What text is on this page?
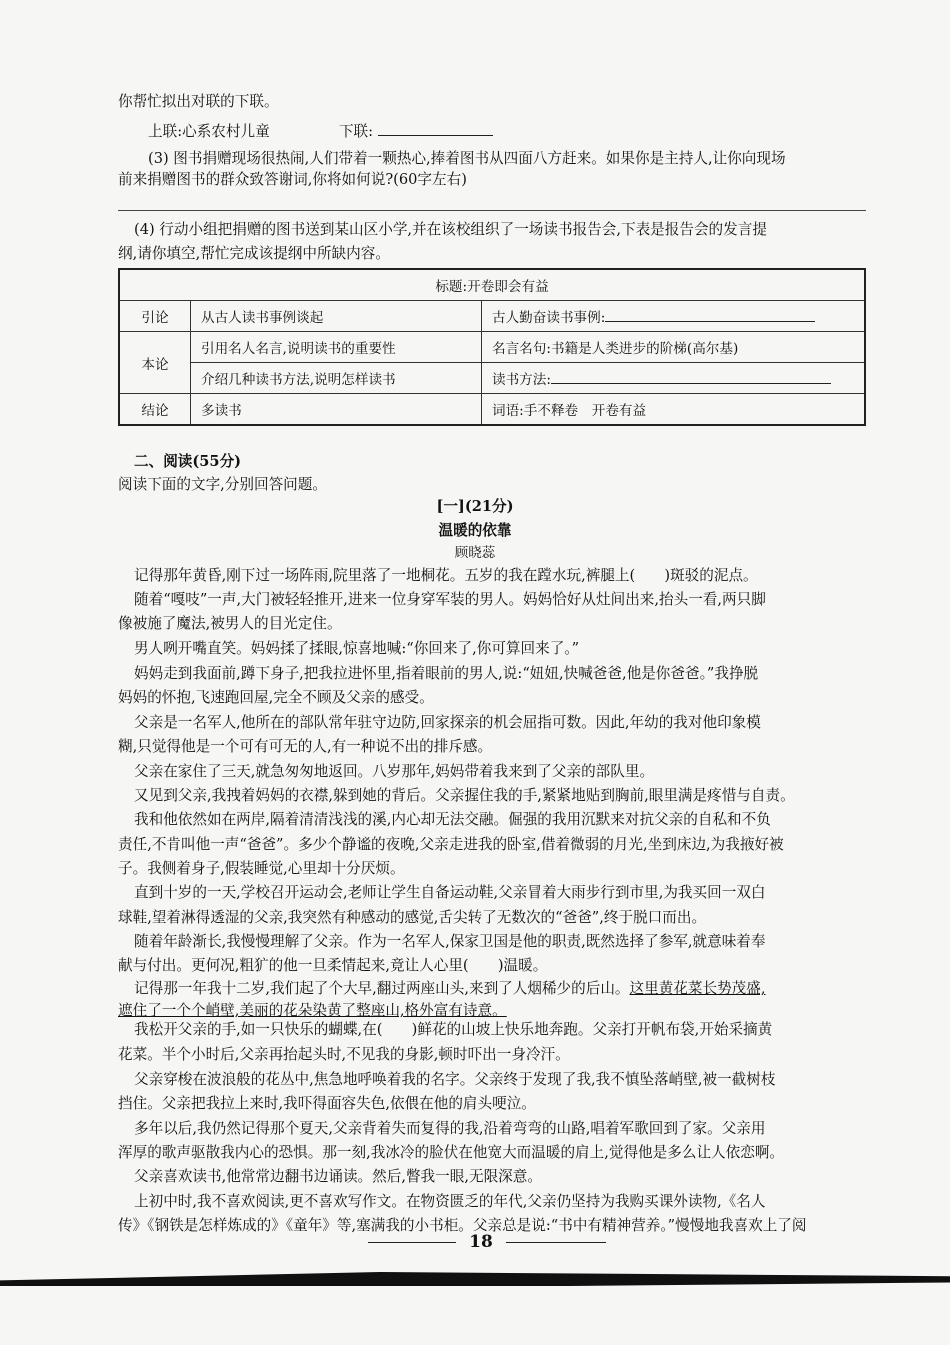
你帮忙拟出对联的下联。
上联:心系农村儿童	下联:
(3) 图书捐赠现场很热闹,人们带着一颗热心,捧着图书从四面八方赶来。如果你是主持人,让你向现场
前来捐赠图书的群众致答谢词,你将如何说?(60字左右)
(4) 行动小组把捐赠的图书送到某山区小学,并在该校组织了一场读书报告会,下表是报告会的发言提
纲,请你填空,帮忙完成该提纲中所缺内容。
标题:开卷即会有益		
引论	从古人读书事例谈起	古人勤奋读书事例:
本论	引用名人名言,说明读书的重要性	名言名句:书籍是人类进步的阶梯(高尔基)
	介绍几种读书方法,说明怎样读书	读书方法:
结论	多读书	词语:手不释卷　开卷有益
二、阅读(55分)
阅读下面的文字,分别回答问题。
[一](21分)
温暖的依靠
顾晓蕊
记得那年黄昏,刚下过一场阵雨,院里落了一地桐花。五岁的我在蹚水玩,裤腿上(　　)斑驳的泥点。
随着“嘎吱”一声,大门被轻轻推开,进来一位身穿军装的男人。妈妈恰好从灶间出来,抬头一看,两只脚
像被施了魔法,被男人的目光定住。
男人咧开嘴直笑。妈妈揉了揉眼,惊喜地喊:“你回来了,你可算回来了。”
妈妈走到我面前,蹲下身子,把我拉进怀里,指着眼前的男人,说:“妞妞,快喊爸爸,他是你爸爸。”我挣脱
妈妈的怀抱,飞速跑回屋,完全不顾及父亲的感受。
父亲是一名军人,他所在的部队常年驻守边防,回家探亲的机会屈指可数。因此,年幼的我对他印象模
糊,只觉得他是一个可有可无的人,有一种说不出的排斥感。
父亲在家住了三天,就急匆匆地返回。八岁那年,妈妈带着我来到了父亲的部队里。
又见到父亲,我拽着妈妈的衣襟,躲到她的背后。父亲握住我的手,紧紧地贴到胸前,眼里满是疼惜与自责。
我和他依然如在两岸,隔着清清浅浅的溪,内心却无法交融。倔强的我用沉默来对抗父亲的自私和不负
责任,不肯叫他一声“爸爸”。多少个静谧的夜晚,父亲走进我的卧室,借着微弱的月光,坐到床边,为我掖好被
子。我侧着身子,假装睡觉,心里却十分厌烦。
直到十岁的一天,学校召开运动会,老师让学生自备运动鞋,父亲冒着大雨步行到市里,为我买回一双白
球鞋,望着淋得透湿的父亲,我突然有种感动的感觉,舌尖转了无数次的“爸爸”,终于脱口而出。
随着年龄渐长,我慢慢理解了父亲。作为一名军人,保家卫国是他的职责,既然选择了参军,就意味着奉
献与付出。更何况,粗犷的他一旦柔情起来,竟让人心里(　　)温暖。
记得那一年我十二岁,我们起了个大早,翻过两座山头,来到了人烟稀少的后山。这里黄花菜长势茂盛,
遮住了一个个峭壁,美丽的花朵染黄了整座山,格外富有诗意。
我松开父亲的手,如一只快乐的蝴蝶,在(　　)鲜花的山坡上快乐地奔跑。父亲打开帆布袋,开始采摘黄
花菜。半个小时后,父亲再抬起头时,不见我的身影,顿时吓出一身冷汗。
父亲穿梭在波浪般的花丛中,焦急地呼唤着我的名字。父亲终于发现了我,我不慎坠落峭壁,被一截树枝
挡住。父亲把我拉上来时,我吓得面容失色,依偎在他的肩头哽泣。
多年以后,我仍然记得那个夏天,父亲背着失而复得的我,沿着弯弯的山路,唱着军歌回到了家。父亲用
浑厚的歌声驱散我内心的恐惧。那一刻,我冰冷的脸伏在他宽大而温暖的肩上,觉得他是多么让人依恋啊。
父亲喜欢读书,他常常边翻书边诵读。然后,瞥我一眼,无限深意。
上初中时,我不喜欢阅读,更不喜欢写作文。在物资匮乏的年代,父亲仍坚持为我购买课外读物,《名人
传》《钢铁是怎样炼成的》《童年》等,塞满我的小书柜。父亲总是说:“书中有精神营养。”慢慢地我喜欢上了阅
18
